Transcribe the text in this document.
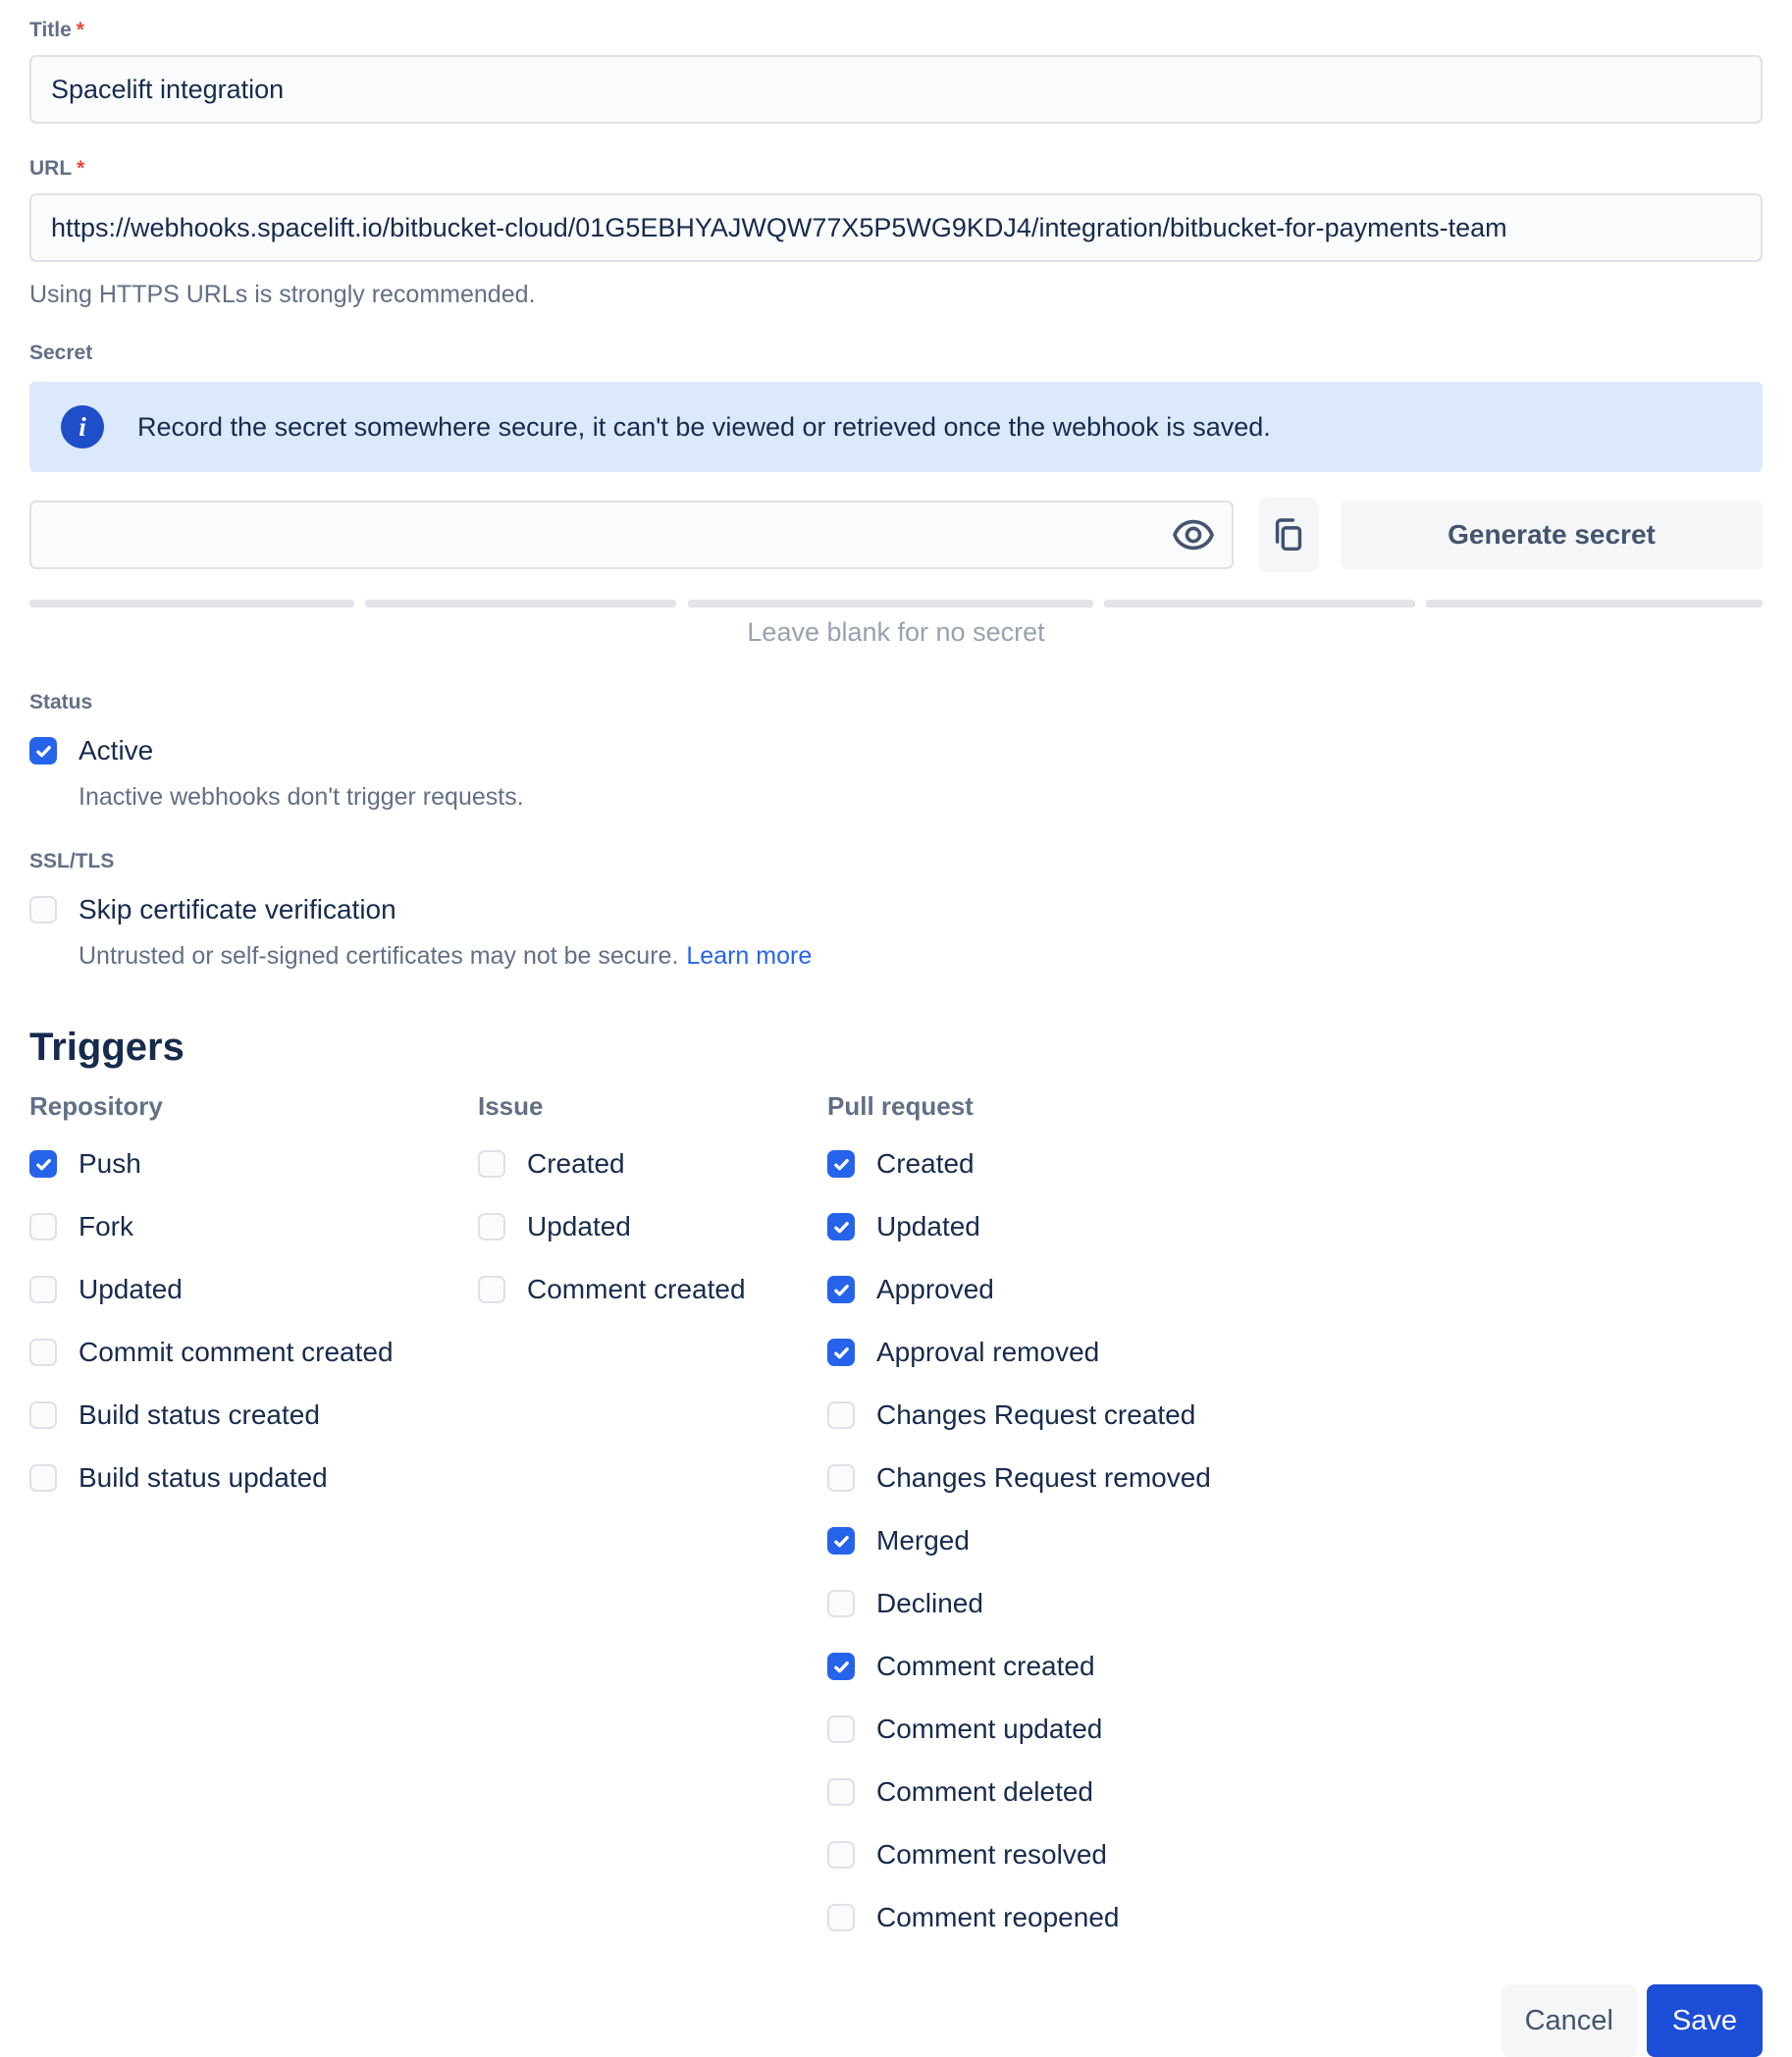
Title *

Spacelift integration

URL *

https://webhooks.spacelift.io/bitbucket-cloud/01G5EBHYAJWQW77X5P5WG9KDJ4/integration/bitbucket-for-payments-team

Using HTTPS URLs is strongly recommended.

Secret

i	Record the secret somewhere secure, it can't be viewed or retrieved once the webhook is saved.

Generate secret

Leave blank for no secret

Status

Active

Inactive webhooks don't trigger requests.

SSL/TLS

Skip certificate verification

Untrusted or self-signed certificates may not be secure. Learn more

Triggers

Repository

Push
Fork
Updated
Commit comment created
Build status created
Build status updated

Issue

Created
Updated
Comment created

Pull request

Created
Updated
Approved
Approval removed
Changes Request created
Changes Request removed
Merged
Declined
Comment created
Comment updated
Comment deleted
Comment resolved
Comment reopened
Cancel	Save
